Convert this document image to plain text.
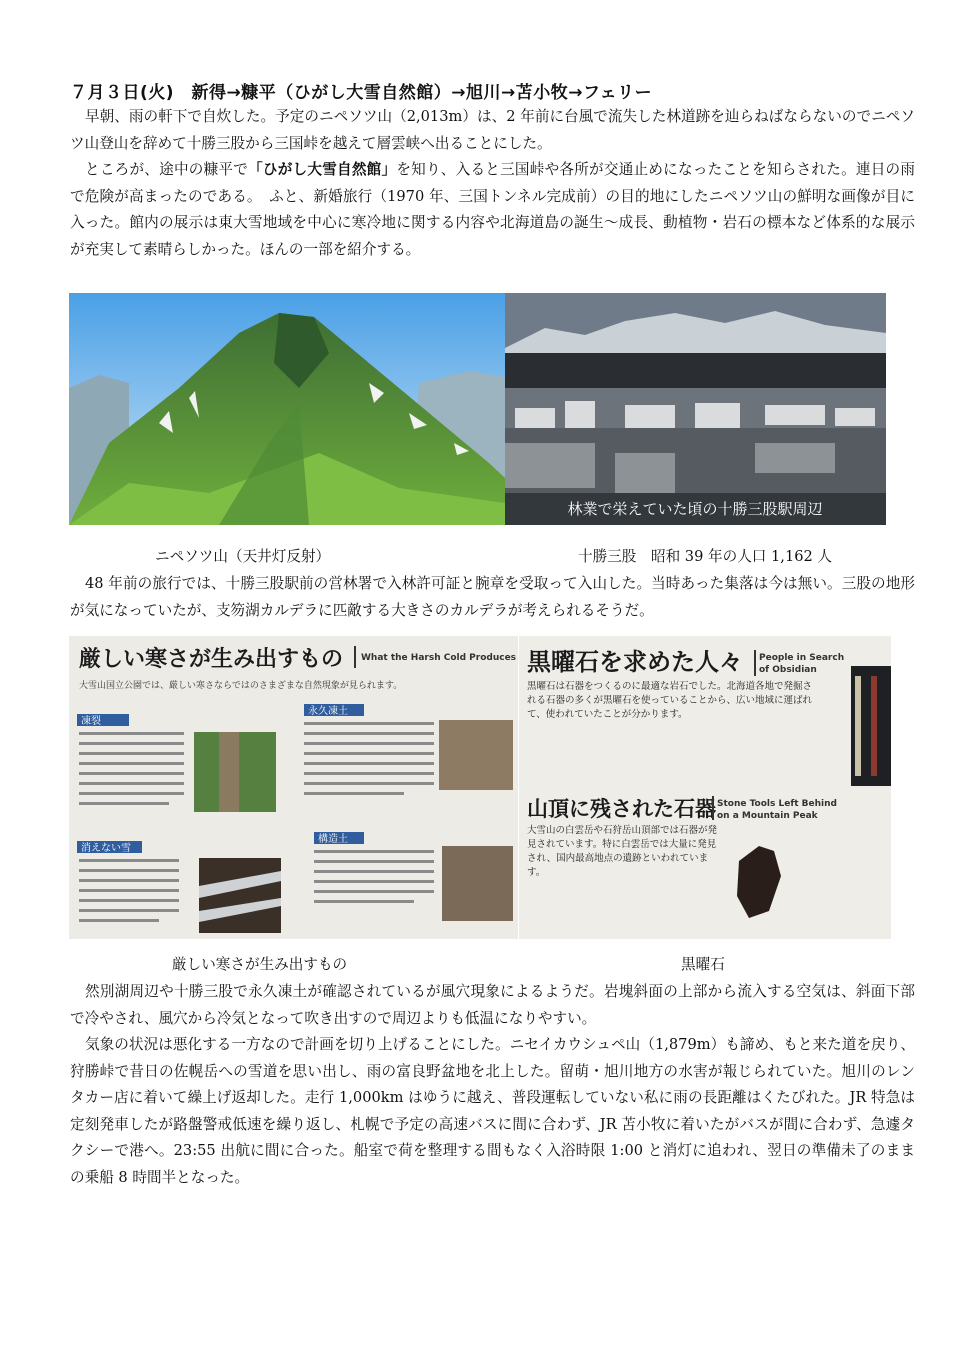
７月３日(火)　新得→糠平（ひがし大雪自然館）→旭川→苫小牧→フェリー

早朝、雨の軒下で自炊した。予定のニペソツ山（2,013m）は、2 年前に台風で流失した林道跡を辿らねばならないのでニペソツ山登山を辞めて十勝三股から三国峠を越えて層雲峡へ出ることにした。

ところが、途中の糠平で「ひがし大雪自然館」を知り、入ると三国峠や各所が交通止めになったことを知らされた。連日の雨で危険が高まったのである。　ふと、新婚旅行（1970 年、三国トンネル完成前）の目的地にしたニペソツ山の鮮明な画像が目に入った。館内の展示は東大雪地域を中心に寒冷地に関する内容や北海道島の誕生〜成長、動植物・岩石の標本など体系的な展示が充実して素晴らしかった。ほんの一部を紹介する。

林業で栄えていた頃の十勝三股駅周辺
ニペソツ山（天井灯反射）	十勝三股　昭和 39 年の人口 1,162 人

48 年前の旅行では、十勝三股駅前の営林署で入林許可証と腕章を受取って入山した。当時あった集落は今は無い。三股の地形が気になっていたが、支笏湖カルデラに匹敵する大きさのカルデラが考えられるそうだ。

厳しい寒さが生み出すもの What the Harsh Cold Produces
大雪山国立公園では、厳しい寒さならではのさまざまな自然現象が見られます。
凍裂
永久凍土
消えない雪
構造土
黒曜石を求めた人々 People in Search
of Obsidian
黒曜石は石器をつくるのに最適な岩石でした。北海道各地で発掘される石器の多くが黒曜石を使っていることから、広い地域に運ばれて、使われていたことが分かります。
山頂に残された石器 Stone Tools Left Behind
on a Mountain Peak
大雪山の白雲岳や石狩岳山頂部では石器が発見されています。特に白雲岳では大量に発見され、国内最高地点の遺跡といわれています。
厳しい寒さが生み出すもの	黒曜石

然別湖周辺や十勝三股で永久凍土が確認されているが風穴現象によるようだ。岩塊斜面の上部から流入する空気は、斜面下部で冷やされ、風穴から冷気となって吹き出すので周辺よりも低温になりやすい。

気象の状況は悪化する一方なので計画を切り上げることにした。ニセイカウシュペ山（1,879m）も諦め、もと来た道を戻り、狩勝峠で昔日の佐幌岳への雪道を思い出し、雨の富良野盆地を北上した。留萌・旭川地方の水害が報じられていた。旭川のレンタカー店に着いて繰上げ返却した。走行 1,000km はゆうに越え、普段運転していない私に雨の長距離はくたびれた。JR 特急は定刻発車したが路盤警戒低速を繰り返し、札幌で予定の高速バスに間に合わず、JR 苫小牧に着いたがバスが間に合わず、急遽タクシーで港へ。23:55 出航に間に合った。船室で荷を整理する間もなく入浴時限 1:00 と消灯に追われ、翌日の準備未了のままの乗船 8 時間半となった。
